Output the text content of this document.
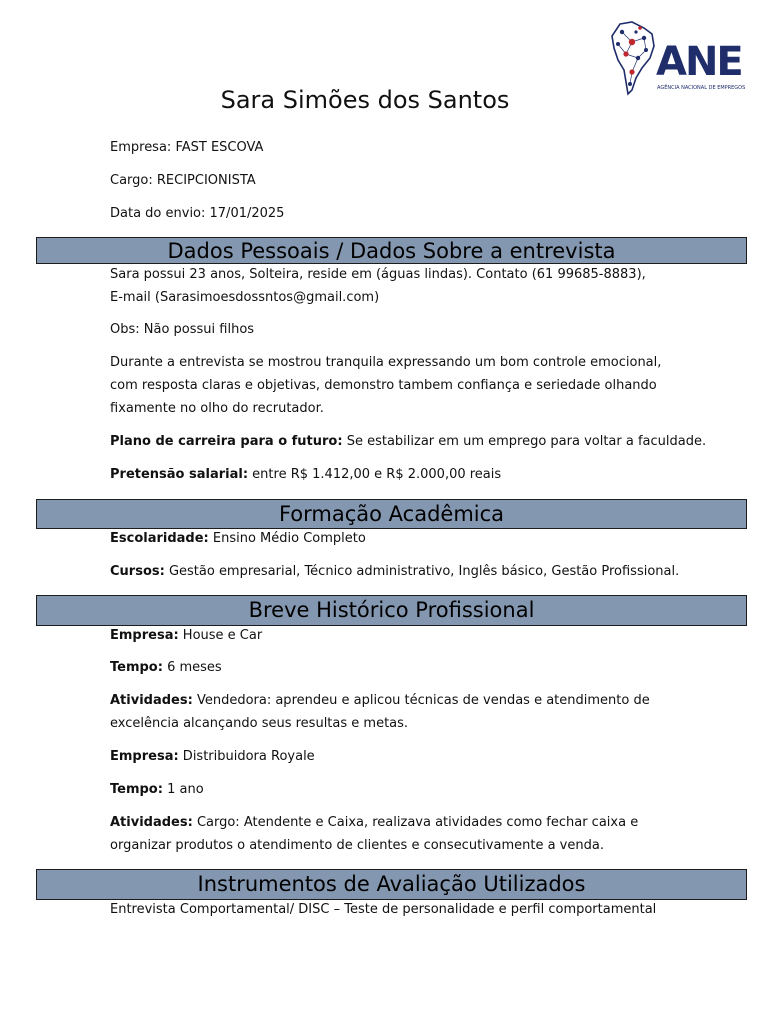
ANE
AGÊNCIA NACIONAL DE EMPREGOS
Sara Simões dos Santos

Empresa: FAST ESCOVA

Cargo: RECIPCIONISTA

Data do envio: 17/01/2025

Dados Pessoais / Dados Sobre a entrevista

Sara possui 23 anos, Solteira, reside em (águas lindas). Contato (61 99685-8883),

E-mail (Sarasimoesdossntos@gmail.com)

Obs: Não possui filhos

Durante a entrevista se mostrou tranquila expressando um bom controle emocional,

com resposta claras e objetivas, demonstro tambem confiança e seriedade olhando

fixamente no olho do recrutador.

Plano de carreira para o futuro: Se estabilizar em um emprego para voltar a faculdade.

Pretensão salarial: entre R$ 1.412,00 e R$ 2.000,00 reais

Formação Acadêmica

Escolaridade: Ensino Médio Completo

Cursos: Gestão empresarial, Técnico administrativo, Inglês básico, Gestão Profissional.

Breve Histórico Profissional

Empresa: House e Car

Tempo: 6 meses

Atividades: Vendedora: aprendeu e aplicou técnicas de vendas e atendimento de

excelência alcançando seus resultas e metas.

Empresa: Distribuidora Royale

Tempo: 1 ano

Atividades: Cargo: Atendente e Caixa, realizava atividades como fechar caixa e

organizar produtos o atendimento de clientes e consecutivamente a venda.

Instrumentos de Avaliação Utilizados

Entrevista Comportamental/ DISC – Teste de personalidade e perfil comportamental
